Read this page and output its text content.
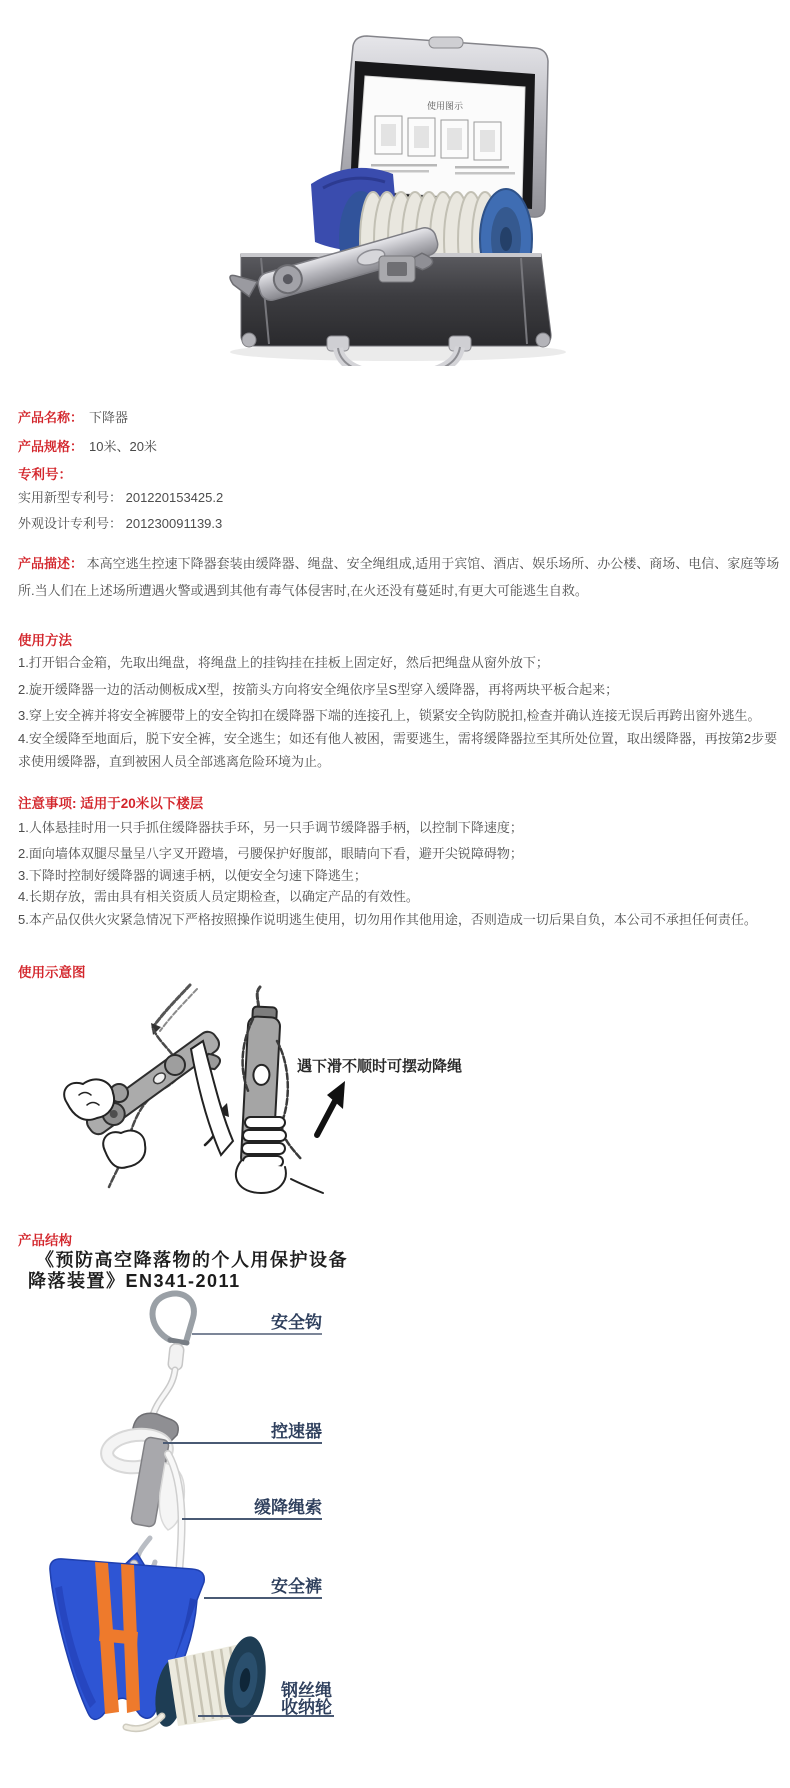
使用图示
产品名称： 下降器
产品规格： 10米、20米
专利号：
实用新型专利号： 201220153425.2
外观设计专利号： 201230091139.3

产品描述： 本高空逃生控速下降器套装由缓降器、绳盘、安全绳组成,适用于宾馆、酒店、娱乐场所、办公楼、商场、电信、家庭等场所.当人们在上述场所遭遇火警或遇到其他有毒气体侵害时,在火还没有蔓延时,有更大可能逃生自救。

使用方法
1.打开铝合金箱，先取出绳盘，将绳盘上的挂钩挂在挂板上固定好，然后把绳盘从窗外放下；
2.旋开缓降器一边的活动侧板成X型，按箭头方向将安全绳依序呈S型穿入缓降器，再将两块平板合起来；
3.穿上安全裤并将安全裤腰带上的安全钩扣在缓降器下端的连接孔上，锁紧安全钩防脱扣,检查并确认连接无误后再跨出窗外逃生。

4.安全缓降至地面后，脱下安全裤，安全逃生；如还有他人被困，需要逃生，需将缓降器拉至其所处位置，取出缓降器，再按第2步要求使用缓降器，直到被困人员全部逃离危险环境为止。

注意事项: 适用于20米以下楼层
1.人体悬挂时用一只手抓住缓降器扶手环，另一只手调节缓降器手柄，以控制下降速度；
2.面向墙体双腿尽量呈八字叉开蹬墙，弓腰保护好腹部，眼睛向下看，避开尖锐障碍物；
3.下降时控制好缓降器的调速手柄，以便安全匀速下降逃生；
4.长期存放，需由具有相关资质人员定期检查，以确定产品的有效性。
5.本产品仅供火灾紧急情况下严格按照操作说明逃生使用，切勿用作其他用途，否则造成一切后果自负，本公司不承担任何责任。
使用示意图
遇下滑不顺时可摆动降绳
产品结构
《预防高空降落物的个人用保护设备
降落装置》EN341-2011
安全钩
控速器
缓降绳索
安全裤
钢丝绳
收纳轮
